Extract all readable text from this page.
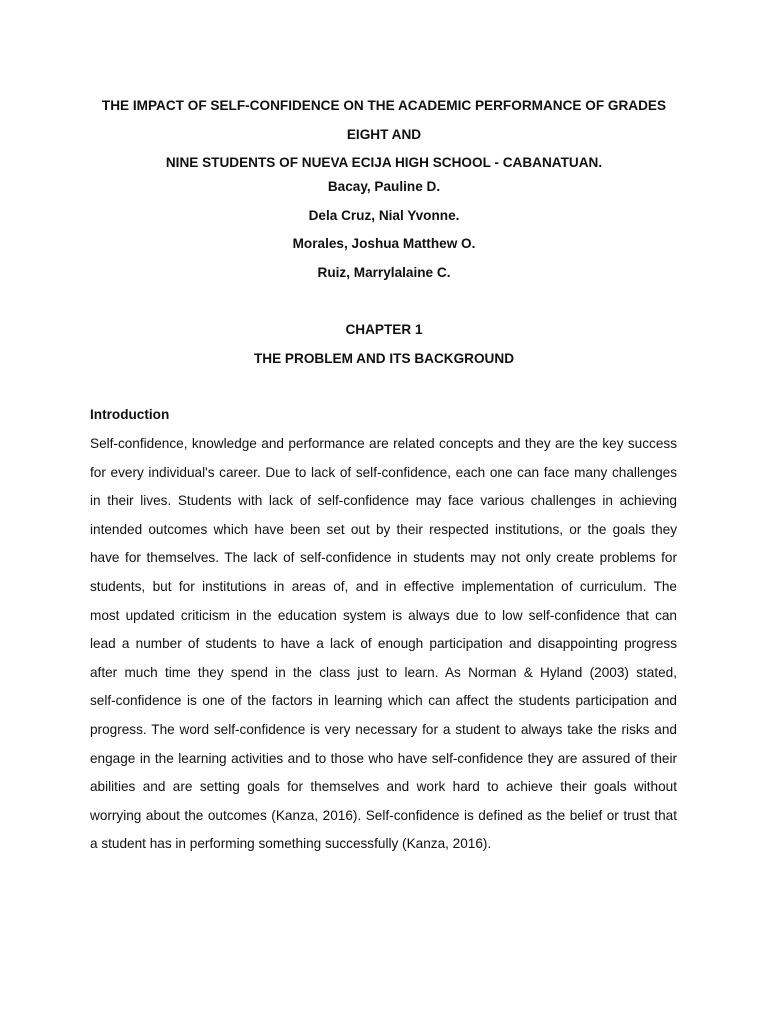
THE IMPACT OF SELF-CONFIDENCE ON THE ACADEMIC PERFORMANCE OF GRADES EIGHT AND
NINE STUDENTS OF NUEVA ECIJA HIGH SCHOOL - CABANATUAN.
Bacay, Pauline D.
Dela Cruz, Nial Yvonne.
Morales, Joshua Matthew O.
Ruiz, Marrylalaine C.
CHAPTER 1
THE PROBLEM AND ITS BACKGROUND
Introduction
Self-confidence, knowledge and performance are related concepts and they are the key success
for every individual's career. Due to lack of self-confidence, each one can face many challenges
in their lives. Students with lack of self-confidence may face various challenges in achieving
intended outcomes which have been set out by their respected institutions, or the goals they
have for themselves. The lack of self-confidence in students may not only create problems for
students, but for institutions in areas of, and in effective implementation of curriculum. The
most updated criticism in the education system is always due to low self-confidence that can
lead a number of students to have a lack of enough participation and disappointing progress
after much time they spend in the class just to learn. As Norman & Hyland (2003) stated,
self-confidence is one of the factors in learning which can affect the students participation and
progress. The word self-confidence is very necessary for a student to always take the risks and
engage in the learning activities and to those who have self-confidence they are assured of their
abilities and are setting goals for themselves and work hard to achieve their goals without
worrying about the outcomes (Kanza, 2016). Self-confidence is defined as the belief or trust that
a student has in performing something successfully (Kanza, 2016).
